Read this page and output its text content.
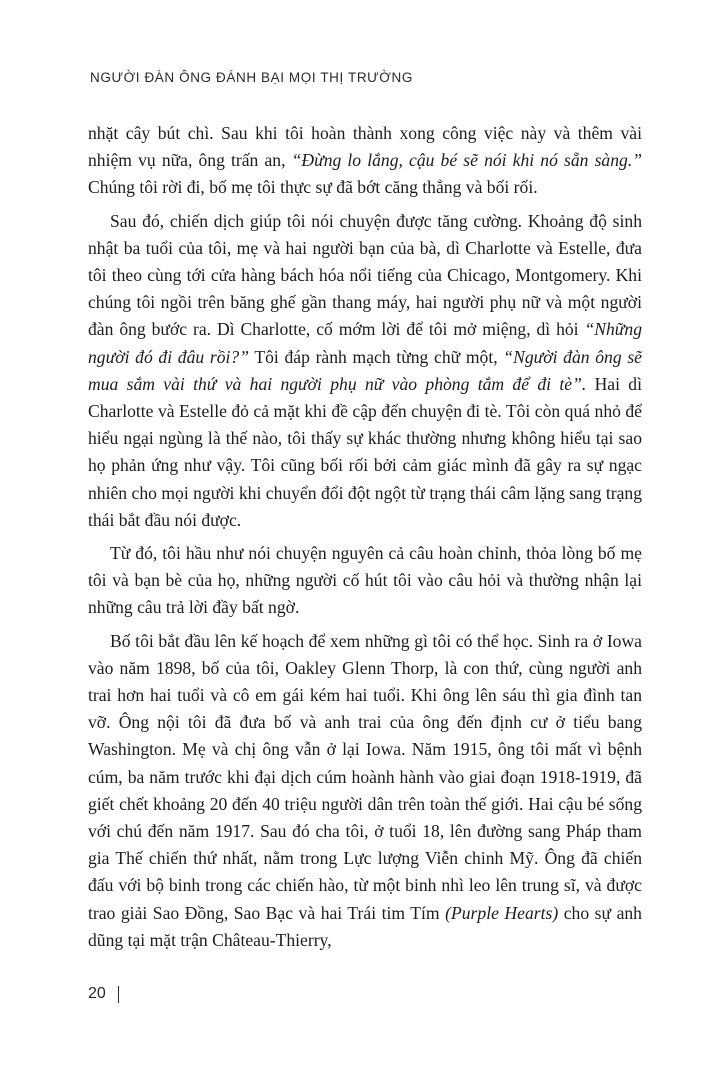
NGƯỜI ĐÀN ÔNG ĐÁNH BẠI MỌI THỊ TRƯỜNG

nhặt cây bút chì. Sau khi tôi hoàn thành xong công việc này và thêm vài nhiệm vụ nữa, ông trấn an, “Đừng lo lắng, cậu bé sẽ nói khi nó sẵn sàng.” Chúng tôi rời đi, bố mẹ tôi thực sự đã bớt căng thẳng và bối rối.

Sau đó, chiến dịch giúp tôi nói chuyện được tăng cường. Khoảng độ sinh nhật ba tuổi của tôi, mẹ và hai người bạn của bà, dì Charlotte và Estelle, đưa tôi theo cùng tới cửa hàng bách hóa nổi tiếng của Chicago, Montgomery. Khi chúng tôi ngồi trên băng ghế gần thang máy, hai người phụ nữ và một người đàn ông bước ra. Dì Charlotte, cố mớm lời để tôi mở miệng, dì hỏi “Những người đó đi đâu rồi?” Tôi đáp rành mạch từng chữ một, “Người đàn ông sẽ mua sắm vài thứ và hai người phụ nữ vào phòng tắm để đi tè”. Hai dì Charlotte và Estelle đỏ cả mặt khi đề cập đến chuyện đi tè. Tôi còn quá nhỏ để hiểu ngại ngùng là thế nào, tôi thấy sự khác thường nhưng không hiểu tại sao họ phản ứng như vậy. Tôi cũng bối rối bởi cảm giác mình đã gây ra sự ngạc nhiên cho mọi người khi chuyển đổi đột ngột từ trạng thái câm lặng sang trạng thái bắt đầu nói được.

Từ đó, tôi hầu như nói chuyện nguyên cả câu hoàn chỉnh, thỏa lòng bố mẹ tôi và bạn bè của họ, những người cố hút tôi vào câu hỏi và thường nhận lại những câu trả lời đầy bất ngờ.

Bố tôi bắt đầu lên kế hoạch để xem những gì tôi có thể học. Sinh ra ở Iowa vào năm 1898, bố của tôi, Oakley Glenn Thorp, là con thứ, cùng người anh trai hơn hai tuổi và cô em gái kém hai tuổi. Khi ông lên sáu thì gia đình tan vỡ. Ông nội tôi đã đưa bố và anh trai của ông đến định cư ở tiểu bang Washington. Mẹ và chị ông vẫn ở lại Iowa. Năm 1915, ông tôi mất vì bệnh cúm, ba năm trước khi đại dịch cúm hoành hành vào giai đoạn 1918-1919, đã giết chết khoảng 20 đến 40 triệu người dân trên toàn thế giới. Hai cậu bé sống với chú đến năm 1917. Sau đó cha tôi, ở tuổi 18, lên đường sang Pháp tham gia Thế chiến thứ nhất, nằm trong Lực lượng Viễn chinh Mỹ. Ông đã chiến đấu với bộ binh trong các chiến hào, từ một binh nhì leo lên trung sĩ, và được trao giải Sao Đồng, Sao Bạc và hai Trái tim Tím (Purple Hearts) cho sự anh dũng tại mặt trận Château-Thierry,

20
